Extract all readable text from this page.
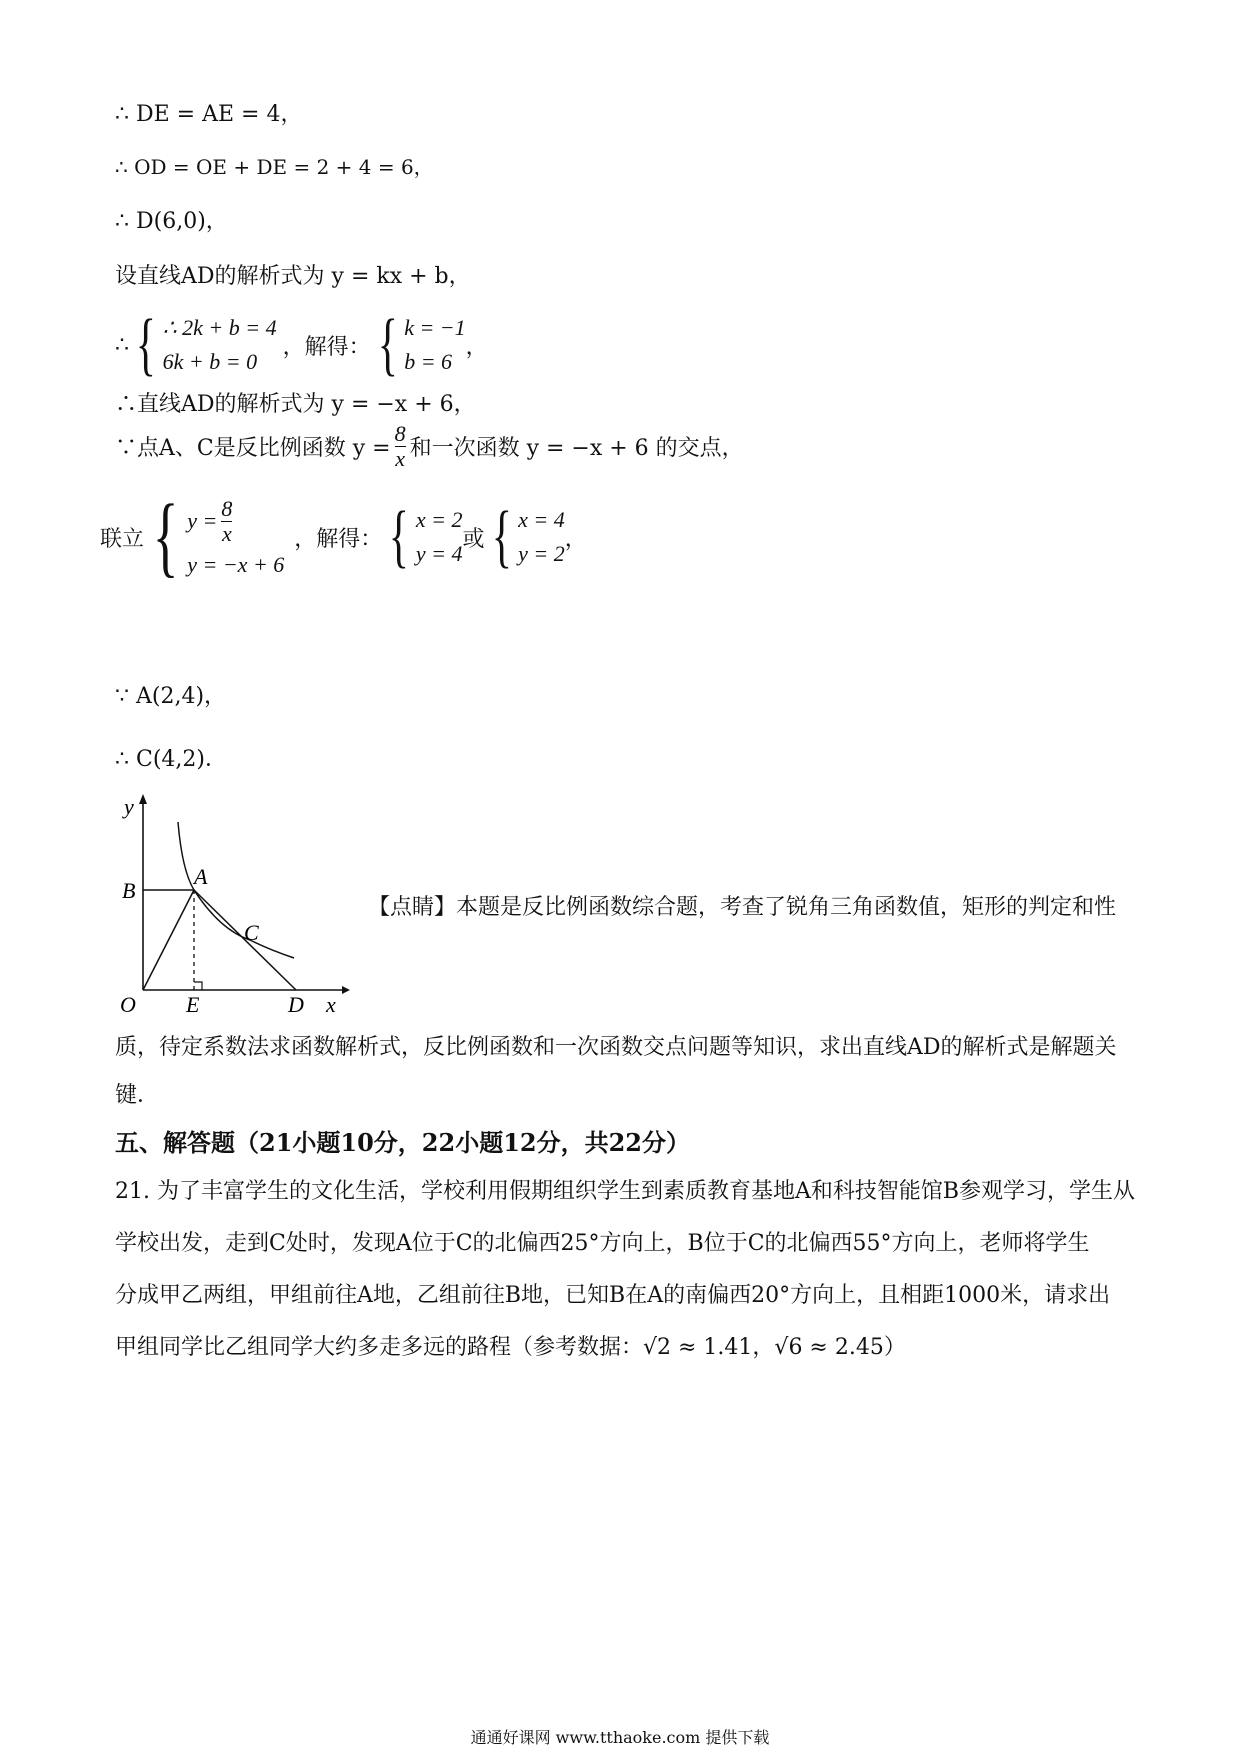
∴ DE = AE = 4，
∴ OD = OE + DE = 2 + 4 = 6，
∴ D(6,0)，
设直线AD的解析式为 y = kx + b，
∴ { ∴ 2k + b = 4
6k + b = 0
，解得： { k = −1
b = 6
，
∴直线AD的解析式为 y = −x + 6，
∵点A、C是反比例函数 $y = \frac{8}{x}$ 和一次函数 y = −x + 6 的交点，
联立 { $y = \frac{8}{x}$
y = −x + 6
，解得： { x = 2
y = 4
或 { x = 4
y = 2
，
∵ A(2,4)，
∴ C(4,2)．
y
B
A
C
O E	D x
【点睛】本题是反比例函数综合题，考查了锐角三角函数值，矩形的判定和性
质，待定系数法求函数解析式，反比例函数和一次函数交点问题等知识，求出直线AD的解析式是解题关
键．
五、解答题（21小题10分，22小题12分，共22分）
21. 为了丰富学生的文化生活，学校利用假期组织学生到素质教育基地A和科技智能馆B参观学习，学生从
学校出发，走到C处时，发现A位于C的北偏西25°方向上，B位于C的北偏西55°方向上，老师将学生
分成甲乙两组，甲组前往A地，乙组前往B地，已知B在A的南偏西20°方向上，且相距1000米，请求出
甲组同学比乙组同学大约多走多远的路程（参考数据：√2 ≈ 1.41，√6 ≈ 2.45）
通通好课网 www.tthaoke.com 提供下载
